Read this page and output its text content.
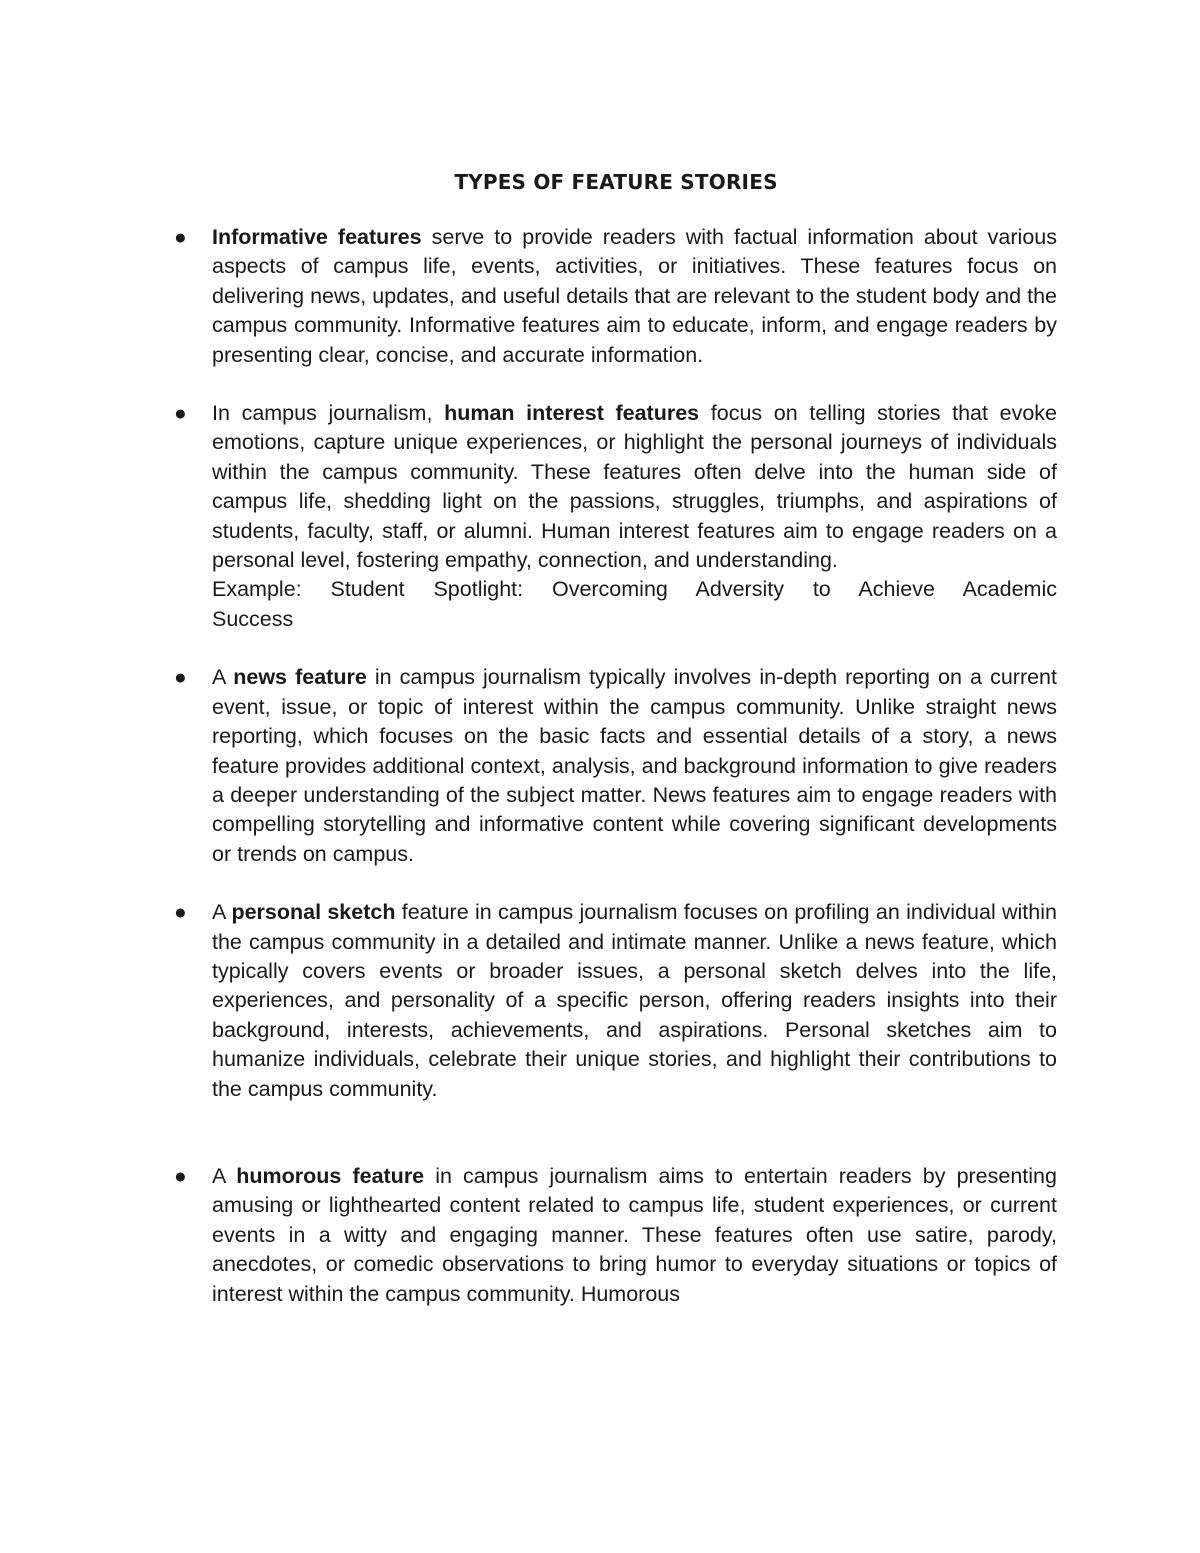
TYPES OF FEATURE STORIES
●	Informative features serve to provide readers with factual information about various aspects of campus life, events, activities, or initiatives. These features focus on delivering news, updates, and useful details that are relevant to the student body and the campus community. Informative features aim to educate, inform, and engage readers by presenting clear, concise, and accurate information.
●	In campus journalism, human interest features focus on telling stories that evoke emotions, capture unique experiences, or highlight the personal journeys of individuals within the campus community. These features often delve into the human side of campus life, shedding light on the passions, struggles, triumphs, and aspirations of students, faculty, staff, or alumni. Human interest features aim to engage readers on a personal level, fostering empathy, connection, and understanding.
Example: Student Spotlight: Overcoming Adversity to Achieve Academic
Success
●	A news feature in campus journalism typically involves in-depth reporting on a current event, issue, or topic of interest within the campus community. Unlike straight news reporting, which focuses on the basic facts and essential details of a story, a news feature provides additional context, analysis, and background information to give readers a deeper understanding of the subject matter. News features aim to engage readers with compelling storytelling and informative content while covering significant developments or trends on campus.
●	A personal sketch feature in campus journalism focuses on profiling an individual within the campus community in a detailed and intimate manner. Unlike a news feature, which typically covers events or broader issues, a personal sketch delves into the life, experiences, and personality of a specific person, offering readers insights into their background, interests, achievements, and aspirations. Personal sketches aim to humanize individuals, celebrate their unique stories, and highlight their contributions to the campus community.
●	A humorous feature in campus journalism aims to entertain readers by presenting amusing or lighthearted content related to campus life, student experiences, or current events in a witty and engaging manner. These features often use satire, parody, anecdotes, or comedic observations to bring humor to everyday situations or topics of interest within the campus community. Humorous
